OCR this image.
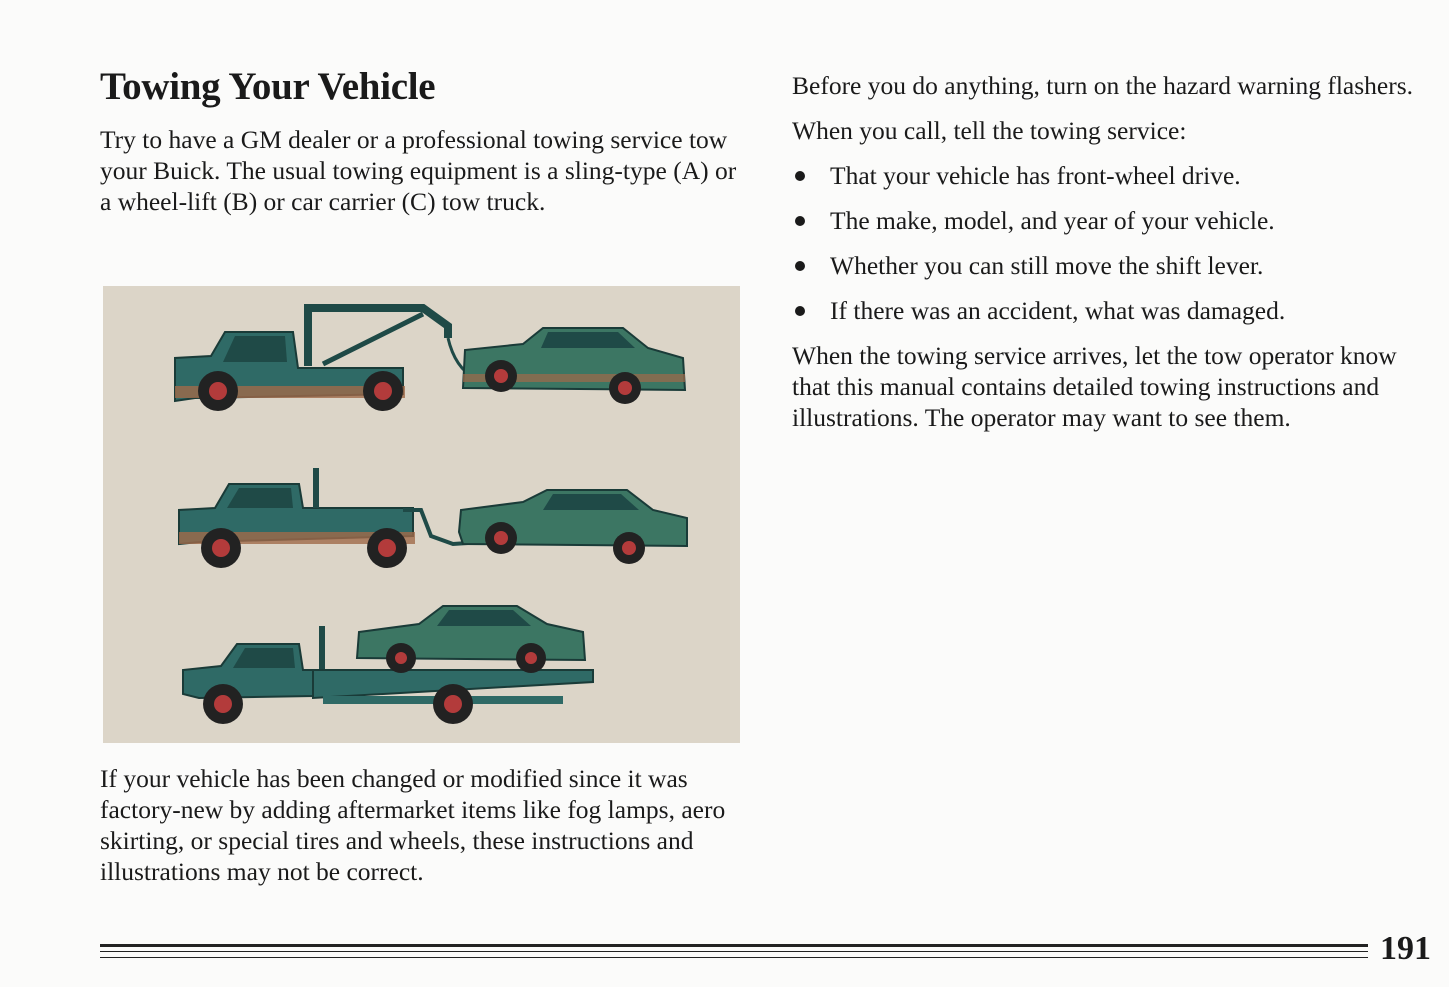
Towing Your Vehicle

Try to have a GM dealer or a professional towing service tow your Buick. The usual towing equipment is a sling-type (A) or a wheel-lift (B) or car carrier (C) tow truck.

If your vehicle has been changed or modified since it was factory-new by adding aftermarket items like fog lamps, aero skirting, or special tires and wheels, these instructions and illustrations may not be correct.

Before you do anything, turn on the hazard warning flashers.

When you call, tell the towing service:

That your vehicle has front-wheel drive.
The make, model, and year of your vehicle.
Whether you can still move the shift lever.
If there was an accident, what was damaged.

When the towing service arrives, let the tow operator know that this manual contains detailed towing instructions and illustrations. The operator may want to see them.

191
